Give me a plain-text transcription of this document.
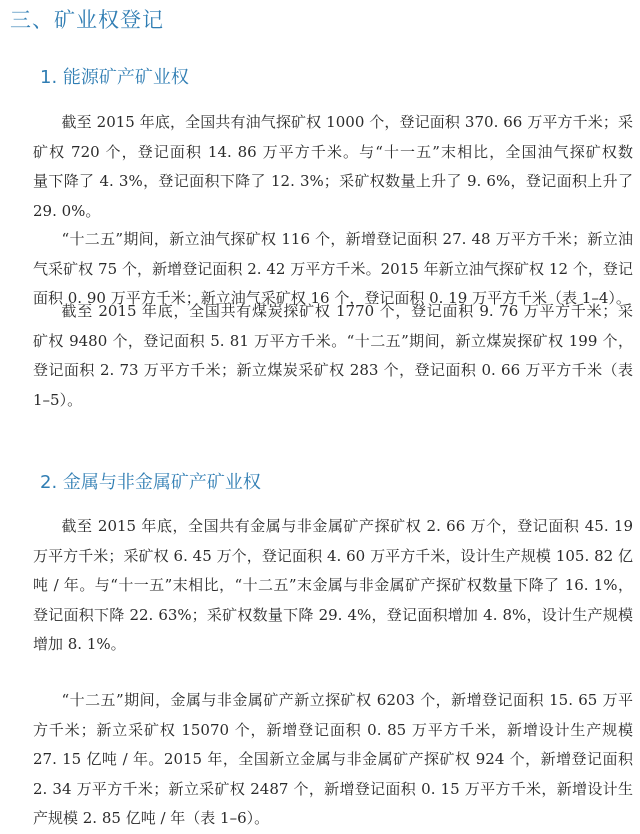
三、矿业权登记
1. 能源矿产矿业权
截至 2015 年底，全国共有油气探矿权 1000 个，登记面积 370. 66 万平方千米；采
矿权 720 个，登记面积 14. 86 万平方千米。与“十一五”末相比，全国油气探矿权数
量下降了 4. 3%，登记面积下降了 12. 3%；采矿权数量上升了 9. 6%，登记面积上升了
29. 0%。
“十二五”期间，新立油气探矿权 116 个，新增登记面积 27. 48 万平方千米；新立油
气采矿权 75 个，新增登记面积 2. 42 万平方千米。2015 年新立油气探矿权 12 个，登记
面积 0. 90 万平方千米；新立油气采矿权 16 个，登记面积 0. 19 万平方千米（表 1–4）。
截至 2015 年底，全国共有煤炭探矿权 1770 个，登记面积 9. 76 万平方千米；采
矿权 9480 个，登记面积 5. 81 万平方千米。“十二五”期间，新立煤炭探矿权 199 个，
登记面积 2. 73 万平方千米；新立煤炭采矿权 283 个，登记面积 0. 66 万平方千米（表
1–5）。
2. 金属与非金属矿产矿业权
截至 2015 年底，全国共有金属与非金属矿产探矿权 2. 66 万个，登记面积 45. 19
万平方千米；采矿权 6. 45 万个，登记面积 4. 60 万平方千米，设计生产规模 105. 82 亿
吨 / 年。与“十一五”末相比，“十二五”末金属与非金属矿产探矿权数量下降了 16. 1%，
登记面积下降 22. 63%；采矿权数量下降 29. 4%，登记面积增加 4. 8%，设计生产规模
增加 8. 1%。
“十二五”期间，金属与非金属矿产新立探矿权 6203 个，新增登记面积 15. 65 万平
方千米；新立采矿权 15070 个，新增登记面积 0. 85 万平方千米，新增设计生产规模
27. 15 亿吨 / 年。2015 年，全国新立金属与非金属矿产探矿权 924 个，新增登记面积
2. 34 万平方千米；新立采矿权 2487 个，新增登记面积 0. 15 万平方千米，新增设计生
产规模 2. 85 亿吨 / 年（表 1–6）。
